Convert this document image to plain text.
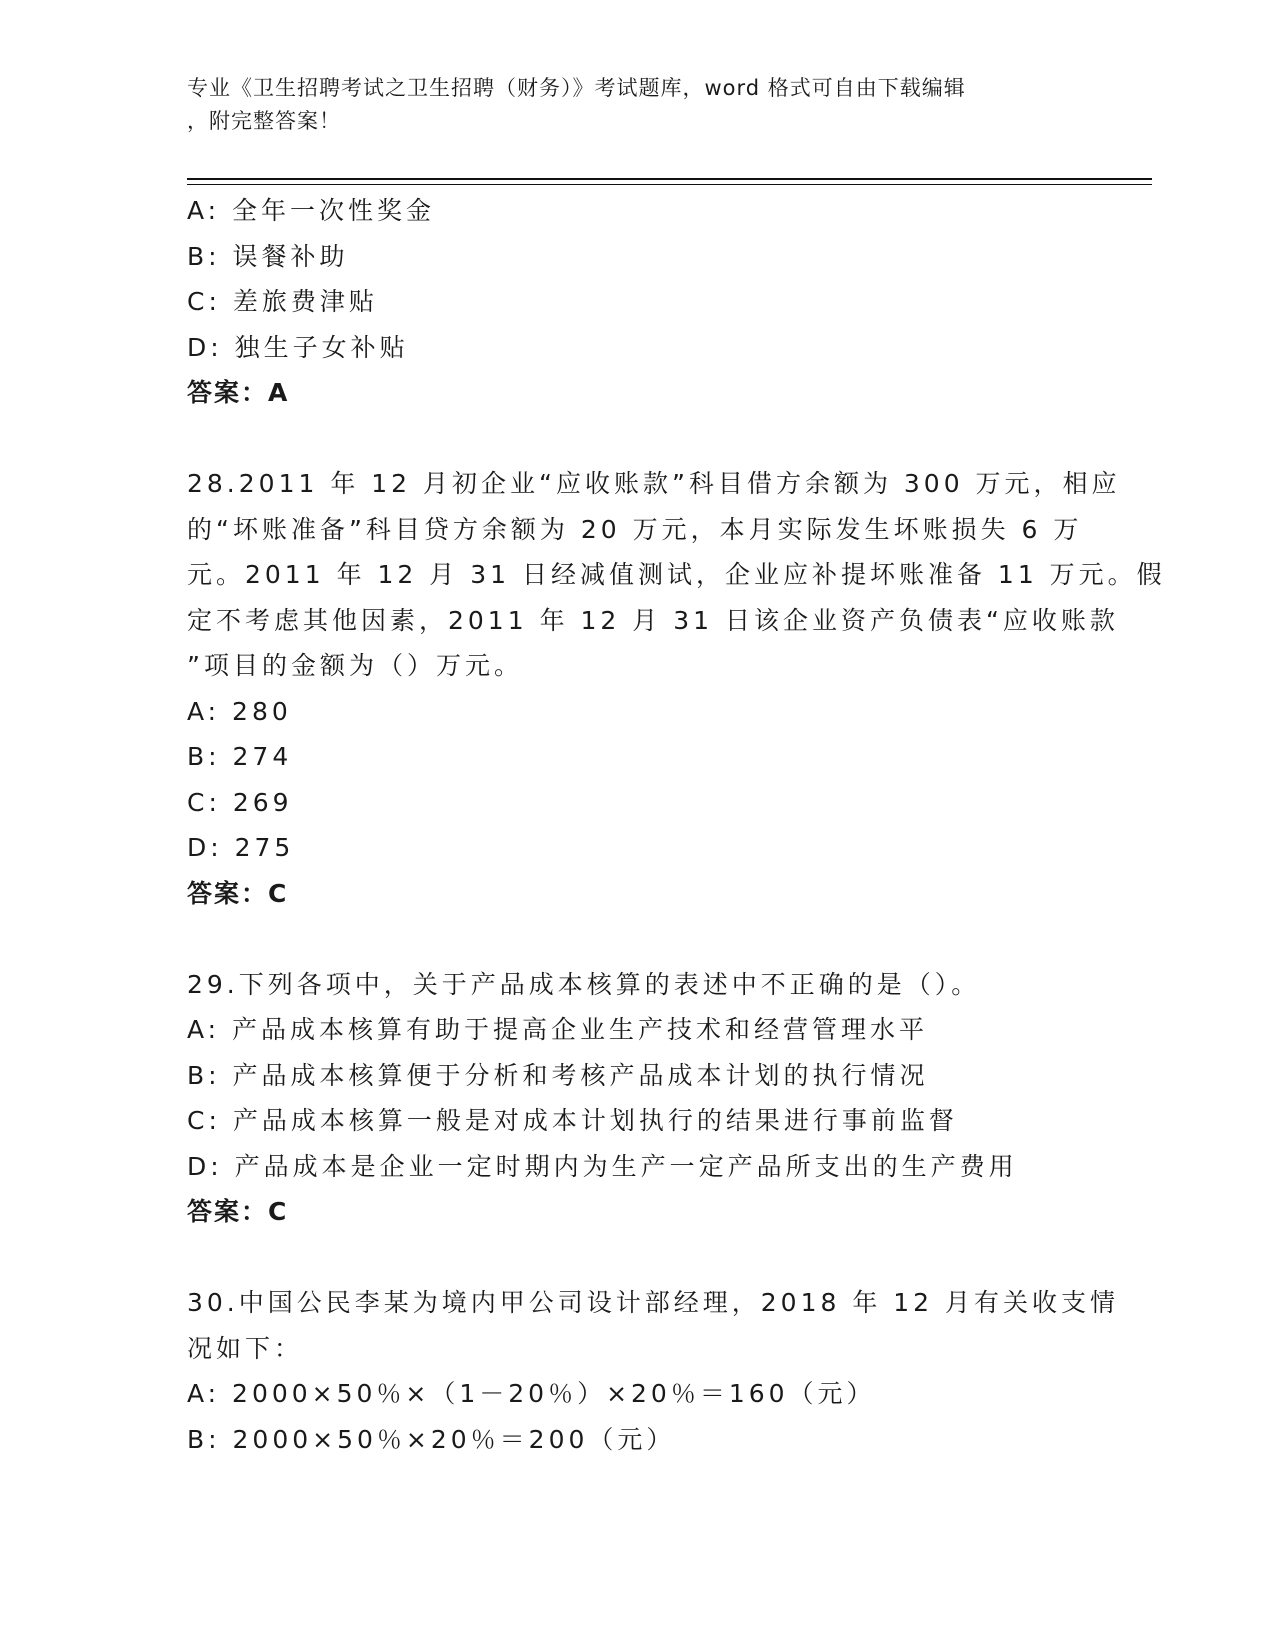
专业《卫生招聘考试之卫生招聘（财务）》考试题库，word 格式可自由下载编辑
，附完整答案！
A: 全年一次性奖金
B: 误餐补助
C: 差旅费津贴
D: 独生子女补贴
答案：A
28.2011 年 12 月初企业“应收账款”科目借方余额为 300 万元，相应
的“坏账准备”科目贷方余额为 20 万元，本月实际发生坏账损失 6 万
元。2011 年 12 月 31 日经减值测试，企业应补提坏账准备 11 万元。假
定不考虑其他因素，2011 年 12 月 31 日该企业资产负债表“应收账款
”项目的金额为（）万元。
A: 280
B: 274
C: 269
D: 275
答案：C
29.下列各项中，关于产品成本核算的表述中不正确的是（）。
A: 产品成本核算有助于提高企业生产技术和经营管理水平
B: 产品成本核算便于分析和考核产品成本计划的执行情况
C: 产品成本核算一般是对成本计划执行的结果进行事前监督
D: 产品成本是企业一定时期内为生产一定产品所支出的生产费用
答案：C
30.中国公民李某为境内甲公司设计部经理，2018 年 12 月有关收支情
况如下：
A: 2000×50％×（1－20％）×20％＝160（元）
B: 2000×50％×20％＝200（元）
